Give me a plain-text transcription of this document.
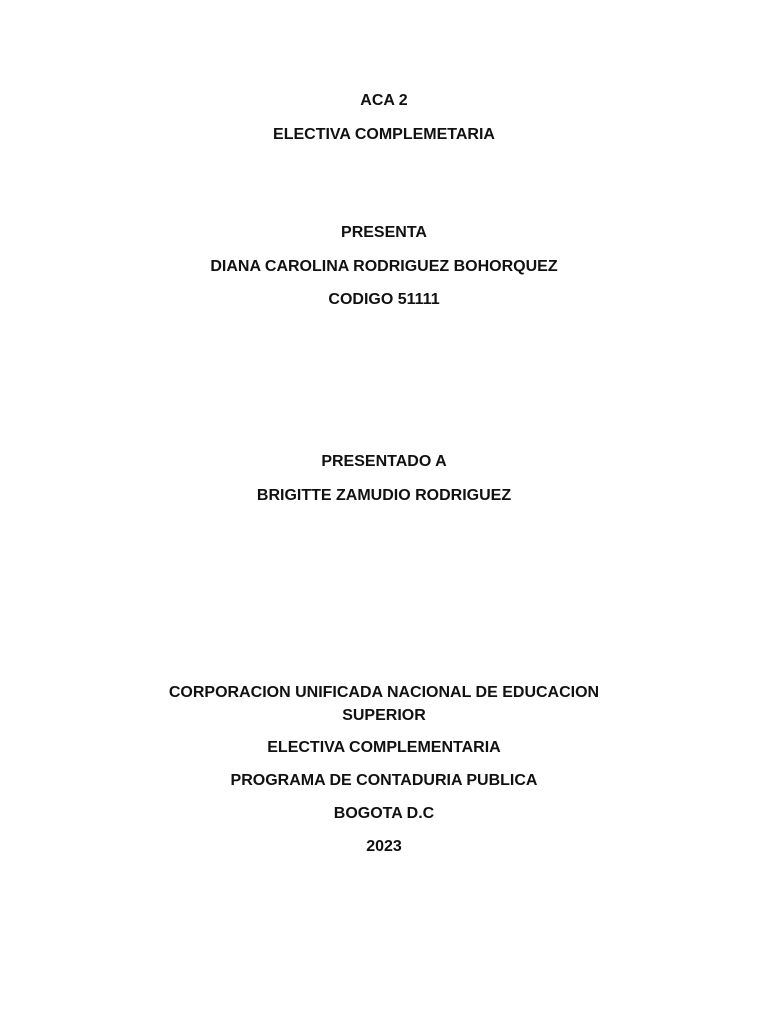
ACA 2
ELECTIVA COMPLEMETARIA
PRESENTA
DIANA CAROLINA RODRIGUEZ BOHORQUEZ
CODIGO 51111
PRESENTADO A
BRIGITTE ZAMUDIO RODRIGUEZ
CORPORACION UNIFICADA NACIONAL DE EDUCACION SUPERIOR
ELECTIVA COMPLEMENTARIA
PROGRAMA DE CONTADURIA PUBLICA
BOGOTA D.C
2023
